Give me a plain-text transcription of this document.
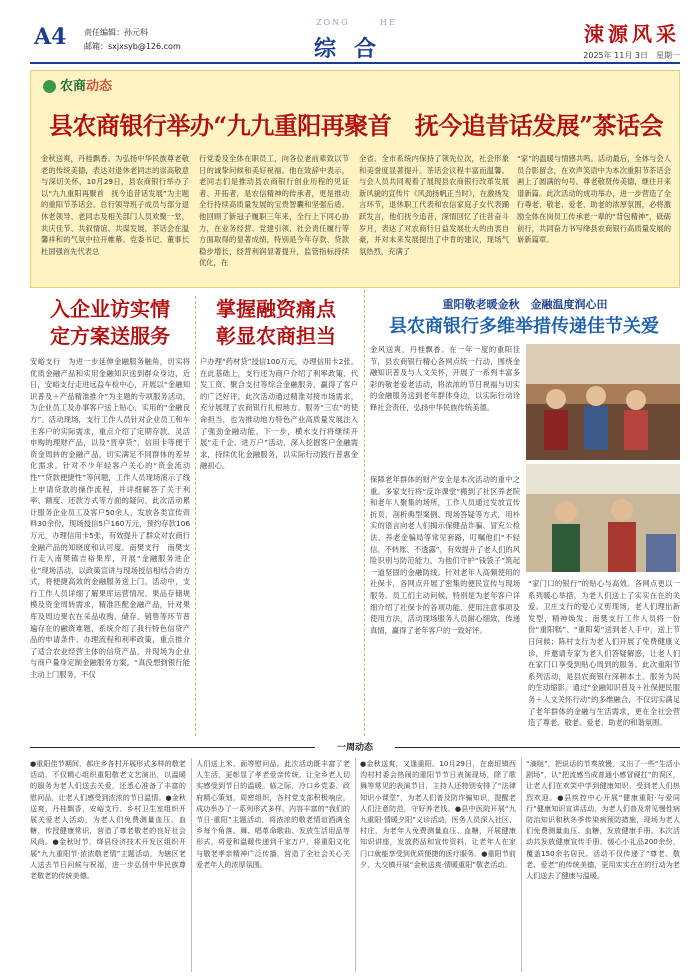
A4 责任编辑：孙元科
邮箱：sxjxsyb@126.com
ZONG	HE
综合
涑源风采
2025年 11月 3日　星期一
农商动态
县农商银行举办“九九重阳再聚首　抚今追昔话发展”茶话会
金秋送爽，丹桂飘香。为弘扬中华民族尊老敬老的传统美德，表达对退休老同志的崇高敬意与深切关怀，10月29日，县农商银行举办了以“九九重阳再聚首　抚今追昔话发展”为主题的重阳节茶话会。总行领导班子成员与部分退休老领导、老同志及相关部门人员欢聚一堂，共庆佳节、共叙情谊、共谋发展。茶话会在温馨祥和的气氛中拉开帷幕。党委书记、董事长杜国强首先代表总
行党委及全体在职员工，向各位老前辈致以节日的诚挚问候和美好祝福。他在致辞中表示，老同志们是推动县农商银行创业历程的见证者、开拓者，是农信精神的传承者，更是推动全行持续高质量发展的宝贵智囊和坚强后盾。他回顾了新冠子履职三年来，全行上下同心协力，在业务经营、党建引领、社会责任履行等方面取得的显著成绩，特别是今年存款、贷款稳步增长，经营利润显著提升，监管指标持续优化，在
全省、全市系统内保持了领先位次，社会形象和美誉度显著提升。茶话会议程丰富而温馨。与会人员共同观看了展现县农商银行改革发展新风貌的宣传片《风劲扬帆正当时》，在激扬发言环节，退休职工代表和农信家庭子女代表踊跃发言，他们抚今追昔，深情回忆了往昔奋斗岁月，表达了对农商行日益发展壮大的由衷自豪，并对未来发展提出了中肯的建议，现场气氛热烈，充满了
“家”的温暖与情感共鸣。活动最后，全体与会人员合影留念，在欢声笑语中为本次重阳节茶话会画上了圆满的句号。尊老敬贤传美德，继往开来谱新篇。此次活动的成功举办，进一步营造了全行尊老、敬老、爱老、助老的浓厚氛围，必将激励全体在岗员工传承老一辈的“背包精神”，砥砺前行，共同奋力书写绛县农商银行高质量发展的崭新篇章。
入企业访实情
定方案送服务
掌握融资痛点
彰显农商担当
安峪支行　为进一步延伸金融服务触角，切实将优质金融产品和实用金融知识送到群众身边，近日，安峪支行走进远益车检中心，开展以“金融知识普及＋产品精准推介”为主题的专项服务活动，为企业员工及办事客户送上贴心、实用的“金融良方”。活动现场，支行工作人员针对企业员工和车主客户的实际需求，重点介绍了定期存款、灵活申购的理财产品，以及“晋享贷”、信用卡等便于资金周转的金融产品，切实满足不同群体的差异化需求。针对不少年轻客户关心的“资金流动性”“贷款便捷性”等问题，工作人员现场演示了线上申请贷款的操作流程，并详细解答了关于利率、额度、还款方式等方面的疑问。此次活动累计服务企业员工及客户50余人，发放各类宣传资料30余份，现场授信5户160万元，预约存款106万元，办理信用卡5张，有效提升了群众对农商行金融产品的知晓度和认可度。南樊支行　南樊支行走入南樊镇吉裕果库，开展“金融服务进企业”现场活动，以政策宣讲与现场授信相结合的方式，将便捷高效的金融服务送上门。活动中，支行工作人员详细了解果库运营情况、果品存储规模及资金周转需求，精准匹配金融产品，针对果库及周边果农在采品收购、储存、销售等环节普遍存在的融资难题，系统介绍了我行特色信贷产品的申请条件、办理流程和利率政策，重点推介了适合农业经营主体的信贷产品，并现场为企业与商户量身定制金融服务方案。“真没想到银行能主动上门服务，不仅
户办理“药材贷”授信100万元，办理信用卡2张。在此基础上，支行还为商户介绍了利率政策、代发工资、聚合支付等综合金融服务，赢得了客户的广泛好评。此次活动通过精准对接市场需求，充分展现了农商银行扎根地方、服务“三农”的使命担当，也为推动地方特色产业高质量发展注入了强劲金融动能。下一步，横水支行将继续开展“走千企、进万户”活动，深入挖掘客户金融需求，持续优化金融服务，以实际行动践行普惠金融初心。
重阳敬老暖金秋　金融温度润心田
县农商银行多维举措传递佳节关爱
金风送爽，丹桂飘香。在一年一度的重阳佳节，县农商银行精心各网点统一行动，围绕金融知识普及与人文关怀，开展了一系列丰富多彩的敬老爱老活动，将浓浓的节日祝福与切实的金融服务送到老年群体身边，以实际行动诠释社会责任，弘扬中华民族传统美德。
保障老年群体的财产安全是本次活动的重中之重。多家支行将“反诈课堂”搬到了社区养老院和老年人聚集的场所，工作人员通过发放宣传折页、剖析典型案例、现场答疑等方式，用朴实的语言向老人们揭示保健品诈骗、冒充公检法、养老金骗局等常见套路，叮嘱他们“不轻信、不转账、不透露”，有效提升了老人们的风险识别与防范能力，为他们守护“钱袋子”筑起一道坚固的金融防线。针对老年人高频使用的社保卡，各网点开展了密集的便民宣传与现场服务。员工们主动问候，特别是为老年客户详细介绍了社保卡的各项功能、使用注意事项及使用方法，活动现场服务人员耐心细致，传递真情，赢得了老年客户的一致好评。
“家门口的银行”的贴心与高效。各网点更以一系列暖心举措，为老人们送上了实实在在的关爱。卫庄支行的爱心义剪现场，老人们理出新发型，精神焕发；南樊支行工作人员将一份份“重阳糕”、“重阳菊”送到老人手中，送上节日问候；陈村支行为老人们开展了免费健康义诊，并邀请专家为老人们答疑解惑，让老人们在家门口享受到贴心周到的服务。此次重阳节系列活动，是县农商银行深耕本土、服务为民的生动缩影。通过“金融知识普及＋社保便民服务＋人文关怀行动”的多维融合，不仅切实满足了老年群体的金融与生活需求，更在全社会营造了尊老、敬老、爱老、助老的和谐氛围。
一周动态
●重阳佳节期间，郝庄乡各村开展形式多样的敬老活动，不仅精心组织重阳敬老文艺演出，以温暖的服务为老人们送去关爱，还悉心准备了丰富的慰问品，让老人们感受到浓浓的节日温情。●金秋送爽，丹桂飘香，安峪支行、乡村卫生室组织开展关爱老人活动，为老人们免费测量血压、血糖，传授健康常识，营造了尊老敬老的良好社会风尚。●金秋时节，绛县经济技术开发区组织开展“九九重阳节·浓浓敬老情”主题活动，为辖区老人送去节日问候与祝福，进一步弘扬中华民族尊老敬老的传统美德。
人们送上米、面等慰问品。此次活动既丰富了老人生活，更彰显了孝老爱亲传统，让全乡老人切实感受到节日的温暖。临之际，冷口乡党委、政府精心策划，周密组织，各村党支部积极响应，成功举办了一系列形式多样、内容丰富的“我们的节日·重阳”主题活动，将浓浓的敬老情谊洒满全乡每个角落。舞、唱革命歌曲、发放生活用品等形式，将爱和温暖传递到千家万户，将重阳文化与敬老孝亲精神广泛传播，营造了全社会关心关爱老年人的浓厚氛围。
●金秋送爽，又逢重阳。10月29日，在南垣镇西沟村村委会热闹的重阳节节日表演现场，除了歌舞等常见的表演节目，主持人还特别安排了“法律知识小课堂”，为老人们普及防诈骗知识，提醒老人们注意防范，守好养老钱。●县中医院开展“九九重阳·情暖夕阳”义诊活动，医务人员深入社区、村庄，为老年人免费测量血压、血糖，开展健康知识讲座，发放药品和宣传资料，让老年人在家门口就能享受到优质便捷的医疗服务。●重阳节前夕，大交镇开展“金秋送爽·情暖重阳”敬老活动。
“滴哒”，把说话的节奏放慢，又出了一些“生活小剧场”，认“把流感当成普通小感冒硬扛”的误区，让老人们在欢笑中学到健康知识，受到老人们热烈欢迎。●县疾控中心开展“健康重阳·与爱同行”健康知识宣讲活动，为老人们普及常见慢性病防治知识和秋冬季传染病预防措施，现场为老人们免费测量血压、血糖，发放健康手册。本次活动共发放健康宣传手册、缓心小礼品200余份，覆盖150余名居民。活动不仅传递了“尊老、敬老、爱老”的传统美德，更用实实在在的行动为老人们送去了健康与温暖。
